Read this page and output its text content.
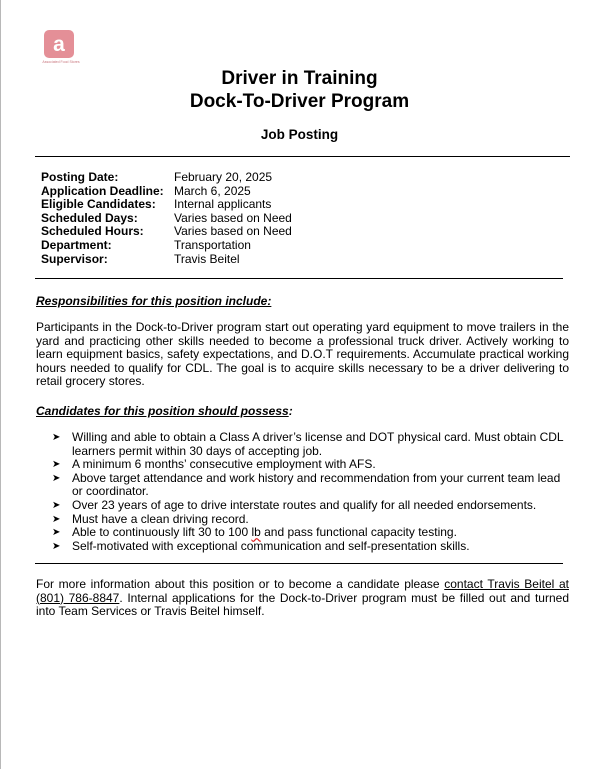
a
Associated Food Stores
Driver in Training
Dock-To-Driver Program
Job Posting
Posting Date:	February 20, 2025
Application Deadline: March 6, 2025
Eligible Candidates: Internal applicants
Scheduled Days:	Varies based on Need
Scheduled Hours:	Varies based on Need
Department:	Transportation
Supervisor:	Travis Beitel
Responsibilities for this position include:
Participants in the Dock-to-Driver program start out operating yard equipment to move trailers in the yard and practicing other skills needed to become a professional truck driver. Actively working to learn equipment basics, safety expectations, and D.O.T requirements. Accumulate practical working hours needed to qualify for CDL. The goal is to acquire skills necessary to be a driver delivering to retail grocery stores.
Candidates for this position should possess:
➤ Willing and able to obtain a Class A driver’s license and DOT physical card. Must obtain CDL learners permit within 30 days of accepting job.
➤ A minimum 6 months’ consecutive employment with AFS.
➤ Above target attendance and work history and recommendation from your current team lead or coordinator.
➤ Over 23 years of age to drive interstate routes and qualify for all needed endorsements.
➤ Must have a clean driving record.
➤ Able to continuously lift 30 to 100 lb and pass functional capacity testing.
➤ Self-motivated with exceptional communication and self-presentation skills.
For more information about this position or to become a candidate please contact Travis Beitel at (801) 786-8847. Internal applications for the Dock-to-Driver program must be filled out and turned into Team Services or Travis Beitel himself.
